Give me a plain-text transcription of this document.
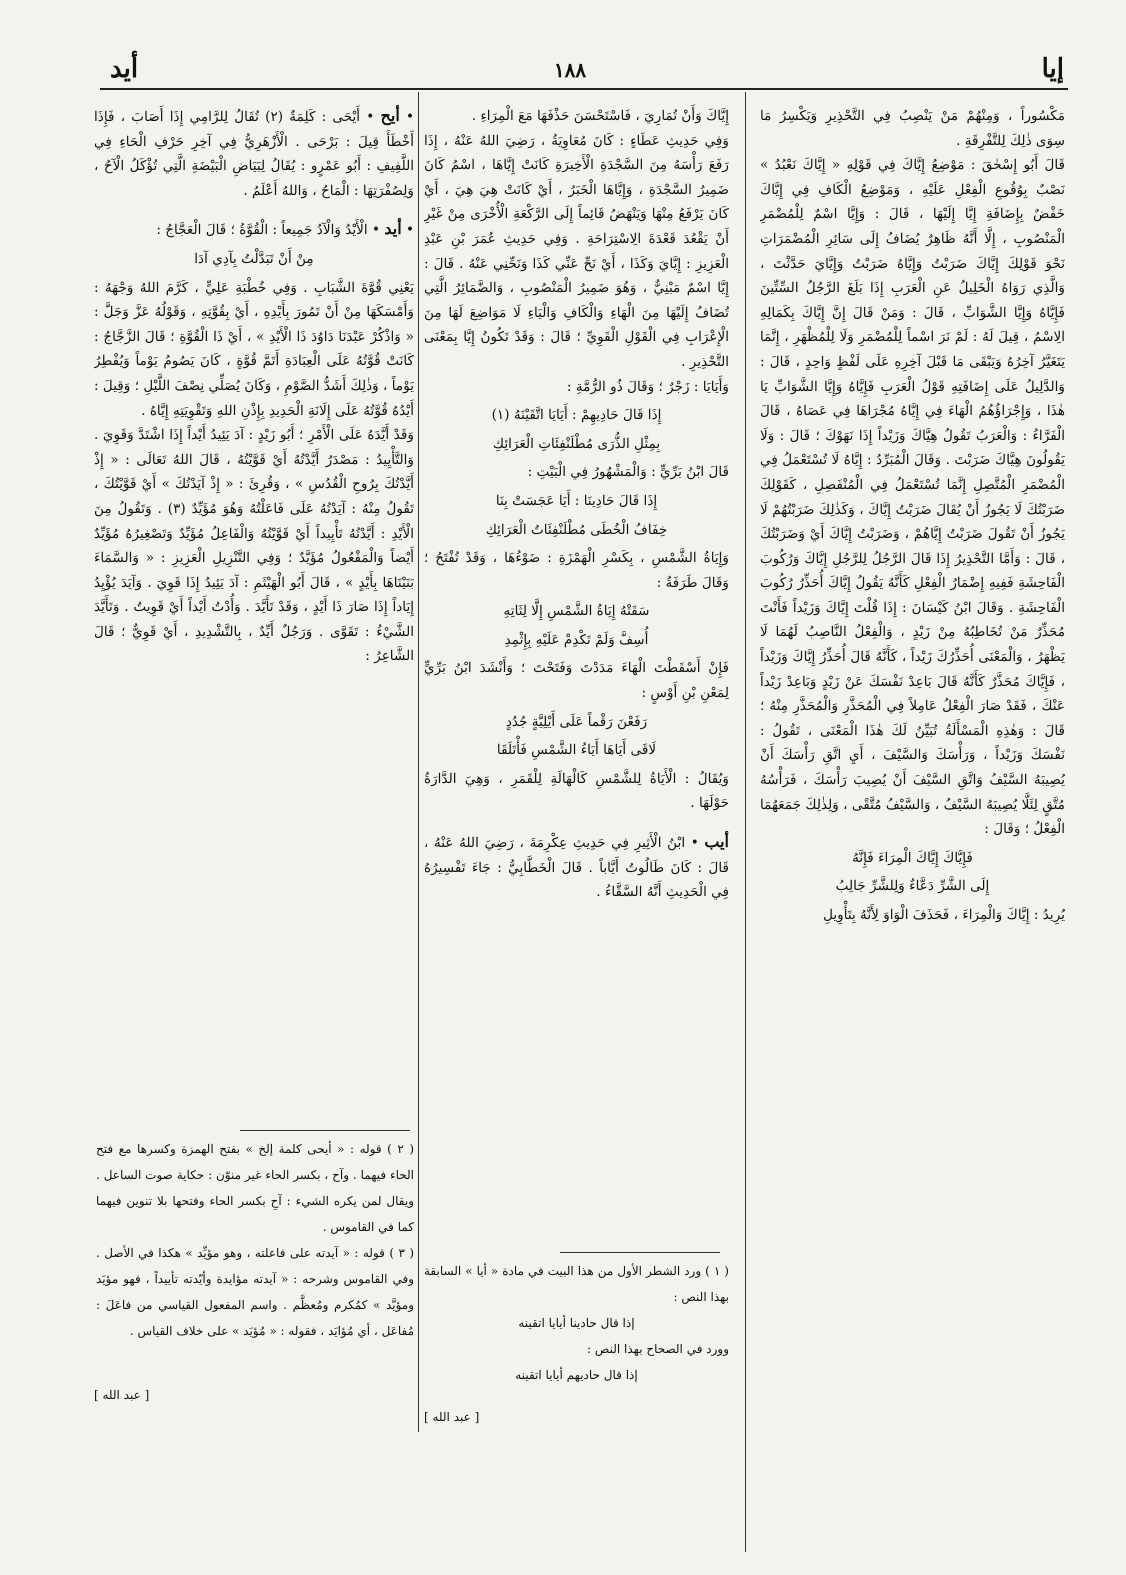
إيا
١٨٨
أيد

مَكْسُوراً ، وَمِنْهُمْ مَنْ يَنْصِبُ فِي التَّحْذِيرِ وَيَكْسِرُ مَا سِوَى ذٰلِكَ لِلتَّفْرِقَةِ .

قَالَ أَبُو إِسْحٰقَ : مَوْضِعُ إِيَّاكَ فِي قَوْلِهِ « إِيَّاكَ نَعْبُدُ » نَصْبٌ بِوُقُوعِ الْفِعْلِ عَلَيْهِ ، وَمَوْضِعُ الْكَافِ فِي إِيَّاكَ خَفْضٌ بِإِضَافَةِ إِيَّا إِلَيْهَا ، قَالَ : وَإِيَّا اسْمٌ لِلْمُضْمَرِ الْمَنْصُوبِ ، إِلَّا أَنَّهُ ظَاهِرٌ يُضَافُ إِلَى سَائِرِ الْمُضْمَرَاتِ نَحْوَ قَوْلِكَ إِيَّاكَ ضَرَبْتُ وَإِيَّاهُ ضَرَبْتُ وَإِيَّايَ حَدَّثْتَ ، وَالَّذِي رَوَاهُ الْخَلِيلُ عَنِ الْعَرَبِ إِذَا بَلَغَ الرَّجُلُ السِّتِّينَ فَإِيَّاهُ وَإِيَّا الشَّوَابِّ ، قَالَ : وَمَنْ قَالَ إِنَّ إِيَّاكَ بِكَمَالِهِ الِاسْمُ ، قِيلَ لَهُ : لَمْ نَرَ اسْماً لِلْمُضْمَرِ وَلَا لِلْمُظْهَرِ ، إِنَّمَا يَتَغَيَّرُ آخِرُهُ وَيَبْقَى مَا قَبْلَ آخِرِهِ عَلَى لَفْظٍ وَاحِدٍ ، قَالَ : وَالدَّلِيلُ عَلَى إِضَافَتِهِ قَوْلُ الْعَرَبِ فَإِيَّاهُ وَإِيَّا الشَّوَابِّ يَا هٰذَا ، وَإِجْرَاؤُهُمُ الْهَاءَ فِي إِيَّاهُ مُجْرَاهَا فِي عَصَاهُ ، قَالَ الْفَرَّاءُ : وَالْعَرَبُ تَقُولُ هِيَّاكَ وَزَيْداً إِذَا نَهَوْكَ ؛ قَالَ : وَلَا يَقُولُونَ هِيَّاكَ ضَرَبْتَ . وَقَالَ الْمُبَرِّدُ : إِيَّاهُ لَا تُسْتَعْمَلُ فِي الْمُضْمَرِ الْمُتَّصِلِ إِنَّمَا تُسْتَعْمَلُ فِي الْمُنْفَصِلِ ، كَقَوْلِكَ ضَرَبْتُكَ لَا يَجُوزُ أَنْ يُقَالَ ضَرَبْتُ إِيَّاكَ ، وَكَذٰلِكَ ضَرَبْتُهُمْ لَا يَجُوزُ أَنْ تَقُولَ ضَرَبْتُ إِيَّاهُمْ ، وَضَرَبْتُ إِيَّاكَ أَيْ وَضَرَبْتُكَ ، قَالَ : وَأَمَّا التَّحْذِيرُ إِذَا قَالَ الرَّجُلُ لِلرَّجُلِ إِيَّاكَ وَرُكُوبَ الْفَاحِشَةِ فَفِيهِ إِضْمَارُ الْفِعْلِ كَأَنَّهُ يَقُولُ إِيَّاكَ أُحَذِّرُ رُكُوبَ الْفَاحِشَةِ . وَقَالَ ابْنُ كَيْسَانَ : إِذَا قُلْتَ إِيَّاكَ وَزَيْداً فَأَنْتَ مُحَذِّرٌ مَنْ تُخَاطِبُهُ مِنْ زَيْدٍ ، وَالْفِعْلُ النَّاصِبُ لَهُمَا لَا يَظْهَرُ ، وَالْمَعْنَى أُحَذِّرُكَ زَيْداً ، كَأَنَّهُ قَالَ أُحَذِّرُ إِيَّاكَ وَزَيْداً ، فَإِيَّاكَ مُحَذَّرٌ كَأَنَّهُ قَالَ بَاعِدْ نَفْسَكَ عَنْ زَيْدٍ وَبَاعِدْ زَيْداً عَنْكَ ، فَقَدْ صَارَ الْفِعْلُ عَامِلاً فِي الْمُحَذَّرِ وَالْمُحَذَّرِ مِنْهُ ؛ قَالَ : وَهٰذِهِ الْمَسْأَلَةُ تُبَيِّنُ لَكَ هٰذَا الْمَعْنَى ، تَقُولُ : نَفْسَكَ وَزَيْداً ، وَرَأْسَكَ وَالسَّيْفَ ، أَيِ اتَّقِ رَأْسَكَ أَنْ يُصِيبَهُ السَّيْفُ وَاتَّقِ السَّيْفَ أَنْ يُصِيبَ رَأْسَكَ ، فَرَأْسُهُ مُتَّقٍ لِئَلَّا يُصِيبَهُ السَّيْفُ ، وَالسَّيْفُ مُتَّقًى ، وَلِذٰلِكَ جَمَعَهُمَا الْفِعْلُ ؛ وَقَالَ :

فَإِيَّاكَ إِيَّاكَ الْمِرَاءَ فَإِنَّهُ

إِلَى الشَّرِّ دَعَّاءٌ وَلِلشَّرِّ جَالِبُ

يُرِيدُ : إِيَّاكَ وَالْمِرَاءَ ، فَحَذَفَ الْوَاوَ لِأَنَّهُ بِتَأْوِيلِ

إِيَّاكَ وَأَنْ تُمَارِيَ ، فَاسْتَحْسَنَ حَذْفَهَا مَعَ الْمِرَاءِ .

وَفِي حَدِيثِ عَطَاءٍ : كَانَ مُعَاوِيَةُ ، رَضِيَ اللهُ عَنْهُ ، إِذَا رَفَعَ رَأْسَهُ مِنَ السَّجْدَةِ الْأَخِيرَةِ كَانَتْ إِيَّاهَا ، اسْمُ كَانَ ضَمِيرُ السَّجْدَةِ ، وَإِيَّاهَا الْخَبَرُ ، أَيْ كَانَتْ هِيَ هِيَ ، أَيْ كَانَ يَرْفَعُ مِنْهَا وَيَنْهَضُ قَائِماً إِلَى الرَّكْعَةِ الْأُخْرَى مِنْ غَيْرِ أَنْ يَقْعُدَ قَعْدَةَ الِاسْتِرَاحَةِ . وَفِي حَدِيثِ عُمَرَ بْنِ عَبْدِ الْعَزِيزِ : إِيَّايَ وَكَذَا ، أَيْ نَحِّ عَنِّي كَذَا وَنَحِّنِي عَنْهُ . قَالَ : إِيَّا اسْمٌ مَبْنِيٌّ ، وَهُوَ ضَمِيرُ الْمَنْصُوبِ ، وَالضَّمَائِرُ الَّتِي تُضَافُ إِلَيْهَا مِنَ الْهَاءِ وَالْكَافِ وَالْيَاءِ لَا مَوَاضِعَ لَهَا مِنَ الْإِعْرَابِ فِي الْقَوْلِ الْقَوِيِّ ؛ قَالَ : وَقَدْ تَكُونُ إِيَّا بِمَعْنَى التَّحْذِيرِ .

وَأَيَايَا : زَجْرٌ ؛ وَقَالَ ذُو الرُّمَّةِ :

إِذَا قَالَ حَادِيهِمْ : أَيَايَا اتَّقَيْنَهُ (١)

بِمِثْلِ الذُّرَى مُطْلَنْفِئَاتِ الْعَرَائِكِ

قَالَ ابْنُ بَرِّيٍّ : وَالْمَشْهُورُ فِي الْبَيْتِ :

إِذَا قَالَ حَادِينَا : أَيَا عَجَسَتْ بِنَا

خِفَافُ الْخُطَى مُطْلَنْفِئَاتُ الْعَرَائِكِ

وَإِيَاةُ الشَّمْسِ ، بِكَسْرِ الْهَمْزَةِ : ضَوْءُهَا ، وَقَدْ تُفْتَحُ ؛ وَقَالَ طَرَفَةُ :

سَقَتْهُ إِيَاةُ الشَّمْسِ إِلَّا لِثَاتِهِ

أُسِفَّ وَلَمْ تَكْدِمْ عَلَيْهِ بِإِثْمِدِ

فَإِنْ أَسْقَطْتَ الْهَاءَ مَدَدْتَ وَفَتَحْتَ ؛ وَأَنْشَدَ ابْنُ بَرِّيٍّ لِمَعْنِ بْنِ أَوْسٍ :

رَفَعْنَ رَقْماً عَلَى أَيْلِيَّةٍ جُدُدٍ

لَاقَى أَيَاهَا أَيَاءُ الشَّمْسِ فَأْتَلَقَا

وَيُقَالُ : الْأَيَاةُ لِلشَّمْسِ كَالْهَالَةِ لِلْقَمَرِ ، وَهِيَ الدَّارَةُ حَوْلَهَا .

أيب • ابْنُ الْأَثِيرِ فِي حَدِيثِ عِكْرِمَةَ ، رَضِيَ اللهُ عَنْهُ ، قَالَ : كَانَ طَالُوتُ أَيَّاباً . قَالَ الْخَطَّابِيُّ : جَاءَ تَفْسِيرُهُ فِي الْحَدِيثِ أَنَّهُ السَّقَّاءُ .

• أيح • أَيْحَى : كَلِمَةٌ (٢) تُقَالُ لِلرَّامِي إِذَا أَصَابَ ، فَإِذَا أَخْطَأَ قِيلَ : بَرْحَى . الْأَزْهَرِيُّ فِي آخِرِ حَرْفِ الْحَاءِ فِي اللَّفِيفِ : أَبُو عَمْرٍو : يُقَالُ لِبَيَاضِ الْبَيْضَةِ الَّتِي تُؤْكَلُ الْآحُ ، وَلِصُفْرَتِهَا : الْمَاحُ ، وَاللهُ أَعْلَمُ .

• أيد • الْأَيْدُ وَالْآدُ جَمِيعاً : الْقُوَّةُ ؛ قَالَ الْعَجَّاجُ :

مِنْ أَنْ تَبَدَّلْتُ بِآدِي آدَا

يَعْنِي قُوَّةَ الشَّبَابِ . وَفِي خُطْبَةِ عَلِيٍّ ، كَرَّمَ اللهُ وَجْهَهُ : وَأَمْسَكَهَا مِنْ أَنْ تَمُورَ بِأَيْدِهِ ، أَيْ بِقُوَّتِهِ ، وَقَوْلُهُ عَزَّ وَجَلَّ : « وَاذْكُرْ عَبْدَنَا دَاوُدَ ذَا الْأَيْدِ » ، أَيْ ذَا الْقُوَّةِ ؛ قَالَ الزَّجَّاجُ : كَانَتْ قُوَّتُهُ عَلَى الْعِبَادَةِ أَتَمَّ قُوَّةٍ ، كَانَ يَصُومُ يَوْماً وَيُفْطِرُ يَوْماً ، وَذٰلِكَ أَشَدُّ الصَّوْمِ ، وَكَانَ يُصَلِّي نِصْفَ اللَّيْلِ ؛ وَقِيلَ : أَيْدُهُ قُوَّتُهُ عَلَى إِلَانَةِ الْحَدِيدِ بِإِذْنِ اللهِ وَتَقْوِيَتِهِ إِيَّاهُ .

وَقَدْ أَيَّدَهُ عَلَى الْأَمْرِ ؛ أَبُو زَيْدٍ : آدَ يَئِيدُ أَيْداً إِذَا اشْتَدَّ وَقَوِيَ . وَالتَّأْيِيدُ : مَصْدَرُ أَيَّدْتُهُ أَيْ قَوَّيْتُهُ ، قَالَ اللهُ تَعَالَى : « إِذْ أَيَّدْتُكَ بِرُوحِ الْقُدُسِ » ، وَقُرِئَ : « إِذْ آيَدْتُكَ » أَيْ قَوَّيْتُكَ ، تَقُولُ مِنْهُ : آيَدْتُهُ عَلَى فَاعَلْتُهُ وَهُوَ مُؤَيِّدٌ (٣) . وَتَقُولُ مِنَ الْأَيْدِ : أَيَّدْتُهُ تَأْيِيداً أَيْ قَوَّيْتُهُ وَالْفَاعِلُ مُؤَيِّدٌ وَتَصْغِيرُهُ مُؤَيِّدٌ أَيْضاً وَالْمَفْعُولُ مُؤَيَّدٌ ؛ وَفِي التَّنْزِيلِ الْعَزِيزِ : « وَالسَّمَاءَ بَنَيْنَاهَا بِأَيْدٍ » ، قَالَ أَبُو الْهَيْثَمِ : آدَ يَئِيدُ إِذَا قَوِيَ . وَآيَدَ يُؤْيِدُ إِيَاداً إِذَا صَارَ ذَا أَيْدٍ ، وَقَدْ تَأَيَّدَ . وَأُدْتُ أَيْداً أَيْ قَوِيتُ . وَتَأَيَّدَ الشَّيْءُ : تَقَوَّى . وَرَجُلٌ أَيِّدٌ ، بِالتَّشْدِيدِ ، أَيْ قَوِيٌّ ؛ قَالَ الشَّاعِرُ :

( ٢ ) قوله : « أيحى كلمة إلخ » بفتح الهمزة وكسرها مع فتح الحاء فيهما . وآح ، بكسر الحاء غير منوّن : حكاية صوت الساعل . ويقال لمن يكره الشيء : آحِ بكسر الحاء وفتحها بلا تنوين فيهما كما في القاموس .

( ٣ ) قوله : « آيدته على فاعلته ، وهو مؤيِّد » هكذا في الأصل . وفي القاموس وشرحه : « آيدته مؤايدة وأيّدته تأييداً ، فهو مؤيَد ومؤيَّد » كمُكرم ومُعظَّم . واسم المفعول القياسي من فاعَلَ : مُفاعَل ، أي مُؤايَد ، فقوله : « مُؤيَد » على خلاف القياس .

[ عبد الله ]

( ١ ) ورد الشطر الأول من هذا البيت في مادة « أيا » السابقة بهذا النص :

إذا قال حادينا أيايا اتقينه

وورد في الصحاح بهذا النص :

إذا قال حاديهم أيايا اتقينه

[ عبد الله ]
